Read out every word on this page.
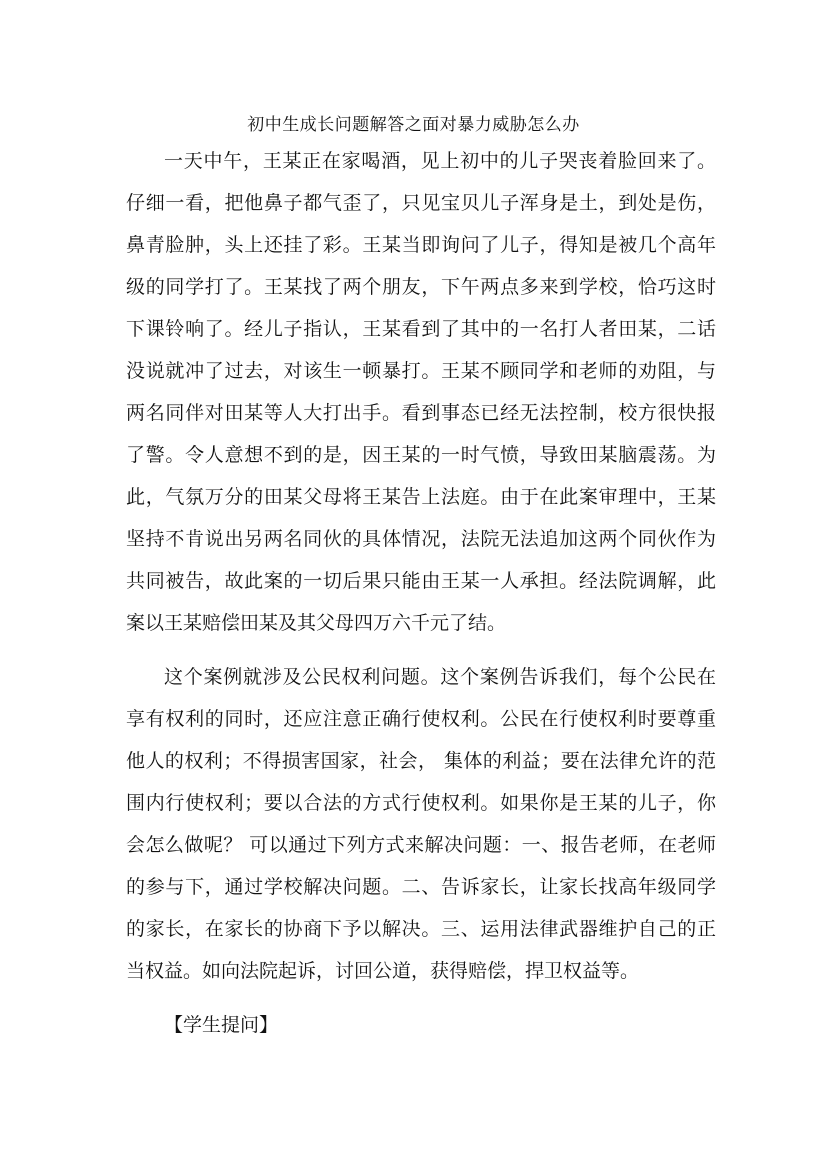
初中生成长问题解答之面对暴力威胁怎么办
一天中午，王某正在家喝酒，见上初中的儿子哭丧着脸回来了。
仔细一看，把他鼻子都气歪了，只见宝贝儿子浑身是土，到处是伤，
鼻青脸肿，头上还挂了彩。王某当即询问了儿子，得知是被几个高年
级的同学打了。王某找了两个朋友，下午两点多来到学校，恰巧这时
下课铃响了。经儿子指认，王某看到了其中的一名打人者田某，二话
没说就冲了过去，对该生一顿暴打。王某不顾同学和老师的劝阻，与
两名同伴对田某等人大打出手。看到事态已经无法控制，校方很快报
了警。令人意想不到的是，因王某的一时气愤，导致田某脑震荡。为
此，气氛万分的田某父母将王某告上法庭。由于在此案审理中，王某
坚持不肯说出另两名同伙的具体情况，法院无法追加这两个同伙作为
共同被告，故此案的一切后果只能由王某一人承担。经法院调解，此
案以王某赔偿田某及其父母四万六千元了结。
这个案例就涉及公民权利问题。这个案例告诉我们，每个公民在
享有权利的同时，还应注意正确行使权利。公民在行使权利时要尊重
他人的权利；不得损害国家，社会， 集体的利益；要在法律允许的范
围内行使权利；要以合法的方式行使权利。如果你是王某的儿子，你
会怎么做呢？ 可以通过下列方式来解决问题：一、报告老师，在老师
的参与下，通过学校解决问题。二、告诉家长，让家长找高年级同学
的家长，在家长的协商下予以解决。三、运用法律武器维护自己的正
当权益。如向法院起诉，讨回公道，获得赔偿，捍卫权益等。
【学生提问】
